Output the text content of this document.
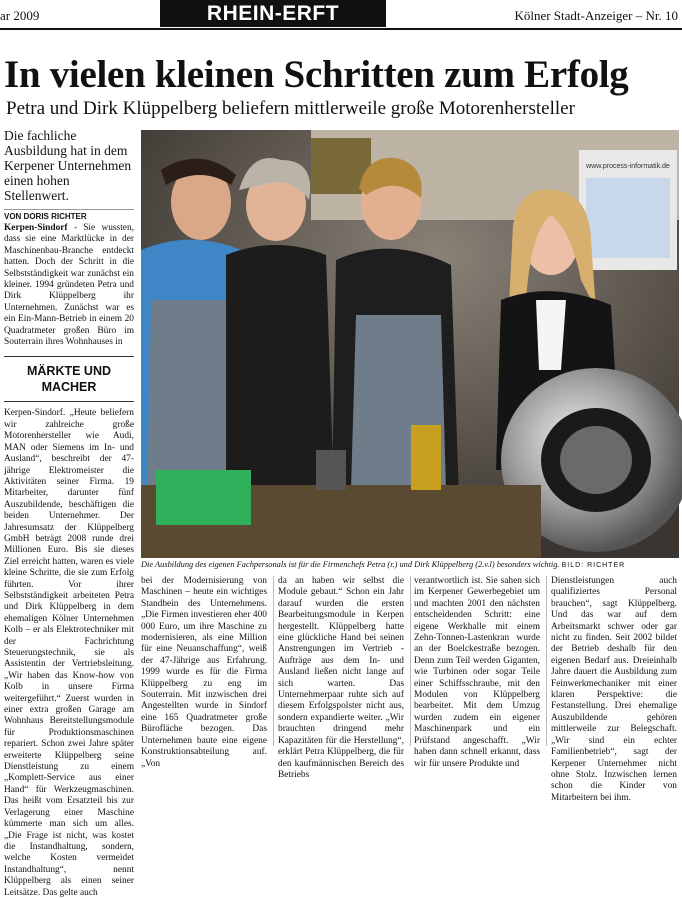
ar 2009	RHEIN-ERFT JOURNAL
Kölner Stadt-Anzeiger – Nr. 10
In vielen kleinen Schritten zum Erfolg
Petra und Dirk Klüppelberg beliefern mittlerweile große Motorenhersteller
Die fachliche Ausbildung hat in dem Kerpener Unternehmen einen hohen Stellenwert.
VON DORIS RICHTER

Kerpen-Sindorf - Sie wussten, dass sie eine Marktlücke in der Maschinenbau-Branche entdeckt hatten. Doch der Schritt in die Selbstständigkeit war zunächst ein kleiner. 1994 gründeten Petra und Dirk Klüppelberg ihr Unternehmen. Zunächst war es ein Ein-Mann-Betrieb in einem 20 Quadratmeter großen Büro im Souterrain ihres Wohnhauses in

MÄRKTE UND
MACHER

Kerpen-Sindorf. „Heute beliefern wir zahlreiche große Motorenhersteller wie Audi, MAN oder Siemens im In- und Ausland“, beschreibt der 47-jährige Elektromeister die Aktivitäten seiner Firma. 19 Mitarbeiter, darunter fünf Auszubildende, beschäftigen die beiden Unternehmer. Der Jahresumsatz der Klüppelberg GmbH beträgt 2008 runde drei Millionen Euro. Bis sie dieses Ziel erreicht hatten, waren es viele kleine Schritte, die sie zum Erfolg führten. Vor ihrer Selbstständigkeit arbeiteten Petra und Dirk Klüppelberg in dem ehemaligen Kölner Unternehmen Kolb – er als Elektrotechniker mit der Fachrichtung Steuerungstechnik, sie als Assistentin der Vertriebsleitung. „Wir haben das Know-how von Kolb in unsere Firma weitergeführt.“ Zuerst wurden in einer extra großen Garage am Wohnhaus Bereitstellungsmodule für Produktionsmaschinen repariert. Schon zwei Jahre später erweiterte Klüppelberg seine Dienstleistung zu einem „Komplett-Service aus einer Hand“ für Werkzeugmaschinen. Das heißt vom Ersatzteil bis zur Verlagerung einer Maschine kümmerte man sich um alles. „Die Frage ist nicht, was kostet die Instandhaltung, sondern, welche Kosten vermeidet Instandhaltung“, nennt Klüppelberg als einen seiner Leitsätze. Das gelte auch

www.process-informatik.de
Die Ausbildung des eigenen Fachpersonals ist für die Firmenchefs Petra (r.) und Dirk Klüppelberg (2.v.l) besonders wichtig. BILD: RICHTER
bei der Modernisierung von Maschinen – heute ein wichtiges Standbein des Unternehmens. „Die Firmen investieren eher 400 000 Euro, um ihre Maschine zu modernisieren, als eine Million für eine Neuanschaffung“, weiß der 47-Jährige aus Erfahrung. 1999 wurde es für die Firma Klüppelberg zu eng im Souterrain. Mit inzwischen drei Angestellten wurde in Sindorf eine 165 Quadratmeter große Bürofläche bezogen. Das Unternehmen baute eine eigene Konstruktionsabteilung auf. „Von
da an haben wir selbst die Module gebaut.“ Schon ein Jahr darauf wurden die ersten Bearbeitungsmodule in Kerpen hergestellt. Klüppelberg hatte eine glückliche Hand bei seinen Anstrengungen im Vertrieb - Aufträge aus dem In- und Ausland ließen nicht lange auf sich warten. Das Unternehmerpaar ruhte sich auf diesem Erfolgspolster nicht aus, sondern expandierte weiter. „Wir brauchten dringend mehr Kapazitäten für die Herstellung“, erklärt Petra Klüppelberg, die für den kaufmännischen Bereich des Betriebs
verantwortlich ist. Sie sahen sich im Kerpener Gewerbegebiet um und machten 2001 den nächsten entscheidenden Schritt: eine eigene Werkhalle mit einem Zehn-Tonnen-Lastenkran wurde an der Boelckestraße bezogen. Denn zum Teil werden Giganten, wie Turbinen oder sogar Teile einer Schiffsschraube, mit den Modulen von Klüppelberg bearbeitet. Mit dem Umzug wurden zudem ein eigener Maschinenpark und ein Prüfstand angeschafft. „Wir haben dann schnell erkannt, dass wir für unsere Produkte und
Dienstleistungen auch qualifiziertes Personal brauchen“, sagt Klüppelberg. Und das war auf dem Arbeitsmarkt schwer oder gar nicht zu finden. Seit 2002 bildet der Betrieb deshalb für den eigenen Bedarf aus. Dreieinhalb Jahre dauert die Ausbildung zum Feinwerkmechaniker mit einer klaren Perspektive: die Festanstellung. Drei ehemalige Auszubildende gehören mittlerweile zur Belegschaft. „Wir sind ein echter Familienbetrieb“, sagt der Kerpener Unternehmer nicht ohne Stolz. Inzwischen lernen schon die Kinder von Mitarbeitern bei ihm.
